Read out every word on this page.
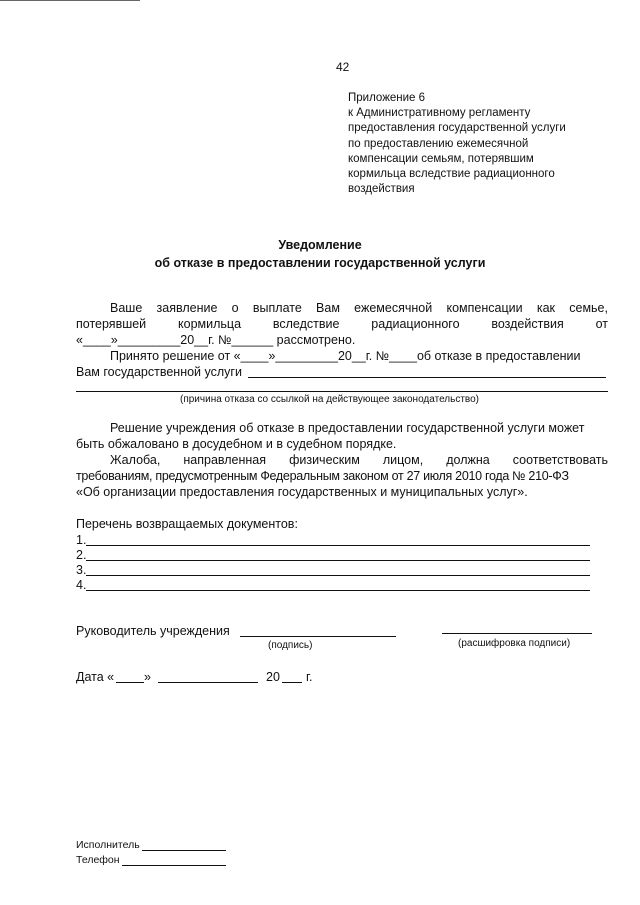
42
Приложение 6
к Административному регламенту
предоставления государственной услуги
по предоставлению ежемесячной
компенсации семьям, потерявшим
кормильца вследствие радиационного
воздействия
Уведомление
об отказе в предоставлении государственной услуги
Ваше заявление о выплате Вам ежемесячной компенсации как семье,
потерявшей	кормильца	вследствие	радиационного	воздействия	от
«____»_________20__г. №______ рассмотрено.
Принято решение от «____»_________20__г. №____об отказе в предоставлении
Вам государственной услуги
(причина отказа со ссылкой на действующее законодательство)
Решение учреждения об отказе в предоставлении государственной услуги может
быть обжаловано в досудебном и в судебном порядке.
Жалоба, направленная физическим лицом, должна соответствовать
требованиям, предусмотренным Федеральным законом от 27 июля 2010 года № 210-ФЗ
«Об организации предоставления государственных и муниципальных услуг».
Перечень возвращаемых документов:
1.
2.
3.
4.
Руководитель учреждения
(подпись)	(расшифровка подписи)
Дата « »	20 г.
Исполнитель
Телефон
